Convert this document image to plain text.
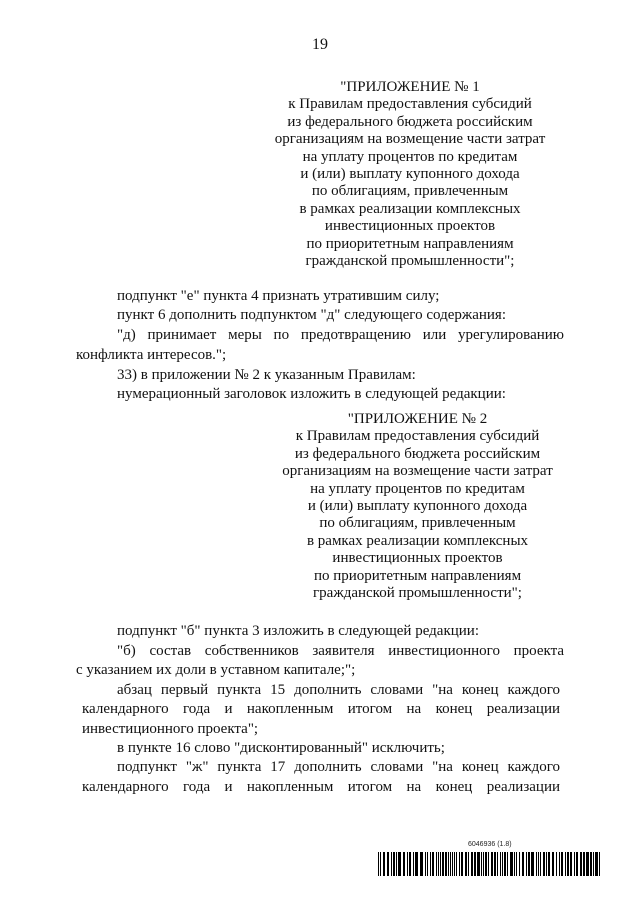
19
"ПРИЛОЖЕНИЕ № 1
к Правилам предоставления субсидий
из федерального бюджета российским
организациям на возмещение части затрат
на уплату процентов по кредитам
и (или) выплату купонного дохода
по облигациям, привлеченным
в рамках реализации комплексных
инвестиционных проектов
по приоритетным направлениям
гражданской промышленности";
подпункт "е" пункта 4 признать утратившим силу;
пункт 6 дополнить подпунктом "д" следующего содержания:
"д) принимает меры по предотвращению или урегулированию
конфликта интересов.";
33) в приложении № 2 к указанным Правилам:
нумерационный заголовок изложить в следующей редакции:
"ПРИЛОЖЕНИЕ № 2
к Правилам предоставления субсидий
из федерального бюджета российским
организациям на возмещение части затрат
на уплату процентов по кредитам
и (или) выплату купонного дохода
по облигациям, привлеченным
в рамках реализации комплексных
инвестиционных проектов
по приоритетным направлениям
гражданской промышленности";
подпункт "б" пункта 3 изложить в следующей редакции:
"б) состав собственников заявителя инвестиционного проекта
с указанием их доли в уставном капитале;";
абзац первый пункта 15 дополнить словами "на конец каждого
календарного года и накопленным итогом на конец реализации
инвестиционного проекта";
в пункте 16 слово "дисконтированный" исключить;
подпункт "ж" пункта 17 дополнить словами "на конец каждого
календарного года и накопленным итогом на конец реализации
6046936 (1.8)
